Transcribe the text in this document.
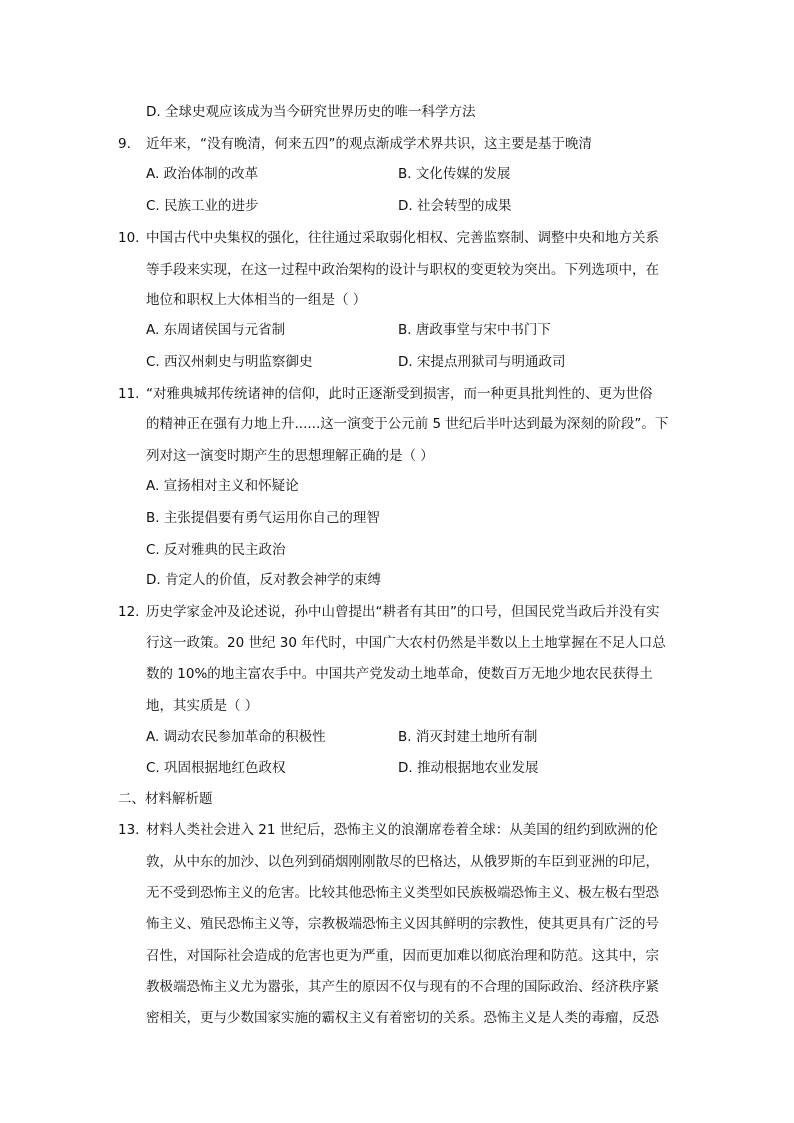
D. 全球史观应该成为当今研究世界历史的唯一科学方法
9. 近年来，“没有晚清，何来五四”的观点渐成学术界共识，这主要是基于晚清
A. 政治体制的改革	B. 文化传媒的发展
C. 民族工业的进步	D. 社会转型的成果
10. 中国古代中央集权的强化，往往通过采取弱化相权、完善监察制、调整中央和地方关系
等手段来实现，在这一过程中政治架构的设计与职权的变更较为突出。下列选项中，在
地位和职权上大体相当的一组是（ ）
A. 东周诸侯国与元省制	B. 唐政事堂与宋中书门下
C. 西汉州刺史与明监察御史	D. 宋提点刑狱司与明通政司
11. “对雅典城邦传统诸神的信仰，此时正逐渐受到损害，而一种更具批判性的、更为世俗
的精神正在强有力地上升......这一演变于公元前 5 世纪后半叶达到最为深刻的阶段”。下
列对这一演变时期产生的思想理解正确的是（ ）
A. 宣扬相对主义和怀疑论
B. 主张提倡要有勇气运用你自己的理智
C. 反对雅典的民主政治
D. 肯定人的价值，反对教会神学的束缚
12. 历史学家金冲及论述说，孙中山曾提出“耕者有其田”的口号，但国民党当政后并没有实
行这一政策。20 世纪 30 年代时，中国广大农村仍然是半数以上土地掌握在不足人口总
数的 10%的地主富农手中。中国共产党发动土地革命，使数百万无地少地农民获得土
地，其实质是（ ）
A. 调动农民参加革命的积极性	B. 消灭封建土地所有制
C. 巩固根据地红色政权	D. 推动根据地农业发展
二、材料解析题
13. 材料人类社会进入 21 世纪后，恐怖主义的浪潮席卷着全球：从美国的纽约到欧洲的伦
敦，从中东的加沙、以色列到硝烟刚刚散尽的巴格达，从俄罗斯的车臣到亚洲的印尼，
无不受到恐怖主义的危害。比较其他恐怖主义类型如民族极端恐怖主义、极左极右型恐
怖主义、殖民恐怖主义等，宗教极端恐怖主义因其鲜明的宗教性，使其更具有广泛的号
召性，对国际社会造成的危害也更为严重，因而更加难以彻底治理和防范。这其中，宗
教极端恐怖主义尤为嚣张，其产生的原因不仅与现有的不合理的国际政治、经济秩序紧
密相关，更与少数国家实施的霸权主义有着密切的关系。恐怖主义是人类的毒瘤，反恐
